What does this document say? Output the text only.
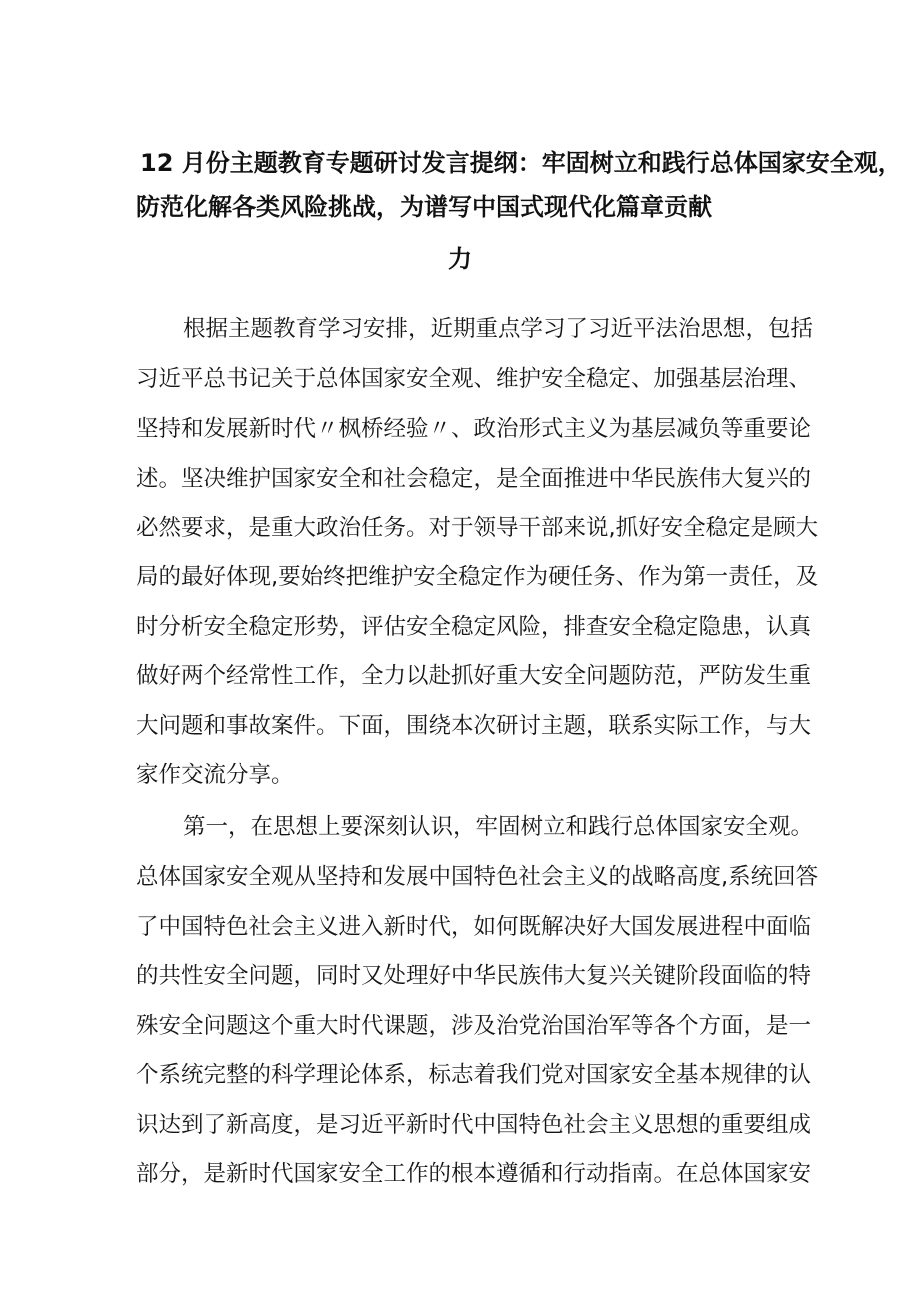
12 月份主题教育专题研讨发言提纲：牢固树立和践行总体国家安全观，
防范化解各类风险挑战，为谱写中国式现代化篇章贡献
力
根据主题教育学习安排，近期重点学习了习近平法治思想，包括
习近平总书记关于总体国家安全观、维护安全稳定、加强基层治理、
坚持和发展新时代〃枫桥经验〃、政治形式主义为基层减负等重要论
述。坚决维护国家安全和社会稳定，是全面推进中华民族伟大复兴的
必然要求，是重大政治任务。对于领导干部来说,抓好安全稳定是顾大
局的最好体现,要始终把维护安全稳定作为硬任务、作为第一责任，及
时分析安全稳定形势，评估安全稳定风险，排查安全稳定隐患，认真
做好两个经常性工作，全力以赴抓好重大安全问题防范，严防发生重
大问题和事故案件。下面，围绕本次研讨主题，联系实际工作，与大
家作交流分享。
第一，在思想上要深刻认识，牢固树立和践行总体国家安全观。
总体国家安全观从坚持和发展中国特色社会主义的战略高度,系统回答
了中国特色社会主义进入新时代，如何既解决好大国发展进程中面临
的共性安全问题，同时又处理好中华民族伟大复兴关键阶段面临的特
殊安全问题这个重大时代课题，涉及治党治国治军等各个方面，是一
个系统完整的科学理论体系，标志着我们党对国家安全基本规律的认
识达到了新高度，是习近平新时代中国特色社会主义思想的重要组成
部分，是新时代国家安全工作的根本遵循和行动指南。在总体国家安
